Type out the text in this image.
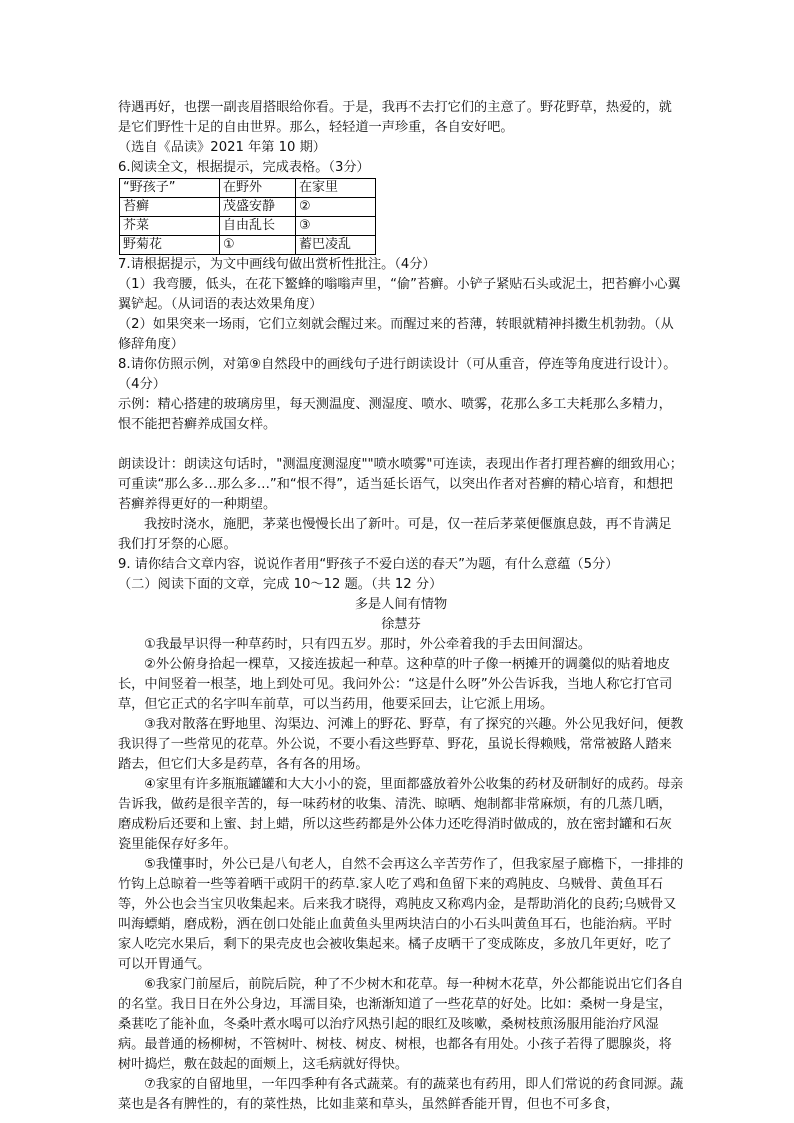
待遇再好，也摆一副丧眉搭眼给你看。于是，我再不去打它们的主意了。野花野草，热爱的，就是它们野性十足的自由世界。那么，轻轻道一声珍重，各自安好吧。

（选自《品读》2021 年第 10 期）

6.阅读全文，根据提示，完成表格。（3分）

“野孩子”	在野外	在家里
苔癣	茂盛安静	②
芥菜	自由乱长	③
野菊花	①	蓄巴凌乱

7.请根据提示，为文中画线句做出赏析性批注。（4分）

（1）我弯腰，低头，在花下鳘蜂的嗡嗡声里，“偷”苔癣。小铲子紧贴石头或泥土，把苔癣小心翼翼铲起。（从词语的表达效果角度）

（2）如果突来一场雨，它们立刻就会醒过来。而醒过来的苔薄，转眼就精神抖擞生机勃勃。（从修辞角度）

8.请你仿照示例，对第⑨自然段中的画线句子进行朗读设计（可从重音，停连等角度进行设计）。（4分）

示例：精心搭建的玻璃房里，每天测温度、测湿度、喷水、喷雾，花那么多工夫耗那么多精力，恨不能把苔癣养成国女样。

朗读设计：朗读这句话时，"测温度测湿度""喷水喷雾"可连读，表现出作者打理苔癣的细致用心；可重读“那么多…那么多…”和“恨不得”，适当延长语气，以突出作者对苔癣的精心培育，和想把苔癣养得更好的一种期望。

我按时浇水，施肥，茅菜也慢慢长出了新叶。可是，仅一茬后茅菜便偃旗息鼓，再不肯满足我们打牙祭的心愿。

9. 请你结合文章内容，说说作者用“野孩子不爱白送的春天”为题，有什么意蕴（5分）

（二）阅读下面的文章，完成 10～12 题。（共 12 分）

多是人间有情物

徐慧芬

①我最早识得一种草药时，只有四五岁。那时，外公牵着我的手去田间溜达。

②外公俯身拾起一棵草，又接连拔起一种草。这种草的叶子像一柄摊开的调羹似的贴着地皮长，中间竖着一根茎，地上到处可见。我问外公：“这是什么呀”外公告诉我，当地人称它打官司草，但它正式的名字叫车前草，可以当药用，他要采回去，让它派上用场。

③我对散落在野地里、沟渠边、河滩上的野花、野草，有了探究的兴趣。外公见我好问，便教我识得了一些常见的花草。外公说，不要小看这些野草、野花，虽说长得赖贱，常常被路人踏来踏去，但它们大多是药草，各有各的用场。

④家里有许多瓶瓶罐罐和大大小小的瓷，里面都盛放着外公收集的药材及研制好的成药。母亲告诉我，做药是很辛苦的，每一味药材的收集、清洗、晾晒、炮制都非常麻烦，有的几蒸几晒，磨成粉后还要和上蜜、封上蜡，所以这些药都是外公体力还吃得消时做成的，放在密封罐和石灰瓷里能保存好多年。

⑤我懂事时，外公已是八旬老人，自然不会再这么辛苦劳作了，但我家屋子廊檐下，一排排的竹钩上总晾着一些等着晒干或阴干的药草.家人吃了鸡和鱼留下来的鸡肫皮、乌贼骨、黄鱼耳石等，外公也会当宝贝收集起来。后来我才晓得，鸡肫皮又称鸡内金，是帮助消化的良药;乌贼骨又叫海螵蛸，磨成粉，洒在创口处能止血黄鱼头里两块洁白的小石头叫黄鱼耳石，也能治病。平时家人吃完水果后，剩下的果壳皮也会被收集起来。橘子皮晒干了变成陈皮，多放几年更好，吃了可以开胃通气。

⑥我家门前屋后，前院后院，种了不少树木和花草。每一种树木花草，外公都能说出它们各自的名堂。我日日在外公身边，耳濡目染，也渐渐知道了一些花草的好处。比如：桑树一身是宝，桑葚吃了能补血，冬桑叶煮水喝可以治疗风热引起的眼红及咳嗽，桑树枝煎汤服用能治疗风湿病。最普通的杨柳树，不管树叶、树枝、树皮、树根，也都各有用处。小孩子若得了腮腺炎，将树叶捣烂，敷在鼓起的面颊上，这毛病就好得快。

⑦我家的自留地里，一年四季种有各式蔬菜。有的蔬菜也有药用，即人们常说的药食同源。蔬菜也是各有脾性的，有的菜性热，比如韭菜和草头，虽然鲜香能开胃，但也不可多食，
